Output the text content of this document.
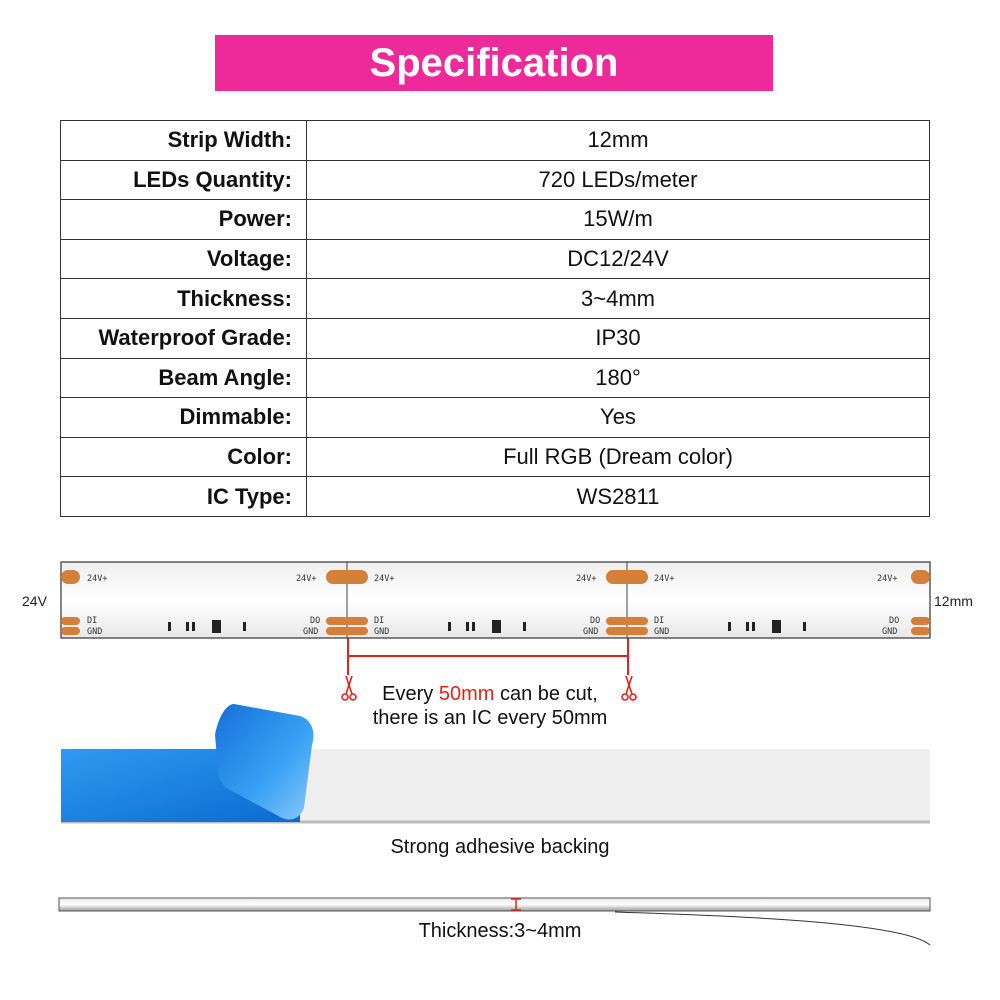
Specification
Strip Width:	12mm
LEDs Quantity:	720 LEDs/meter
Power:	15W/m
Voltage:	DC12/24V
Thickness:	3~4mm
Waterproof Grade:	IP30
Beam Angle:	180°
Dimmable:	Yes
Color:	Full RGB (Dream color)
IC Type:	WS2811
24V	12mm
24V+	24V+	24V+	24V+	24V+	24V+
DI	DI	DI
DO	DO	DO
GND	GND	GND
GND	GND	GND
Every 50mm can be cut,
there is an IC every 50mm
Strong adhesive backing
Thickness:3~4mm
